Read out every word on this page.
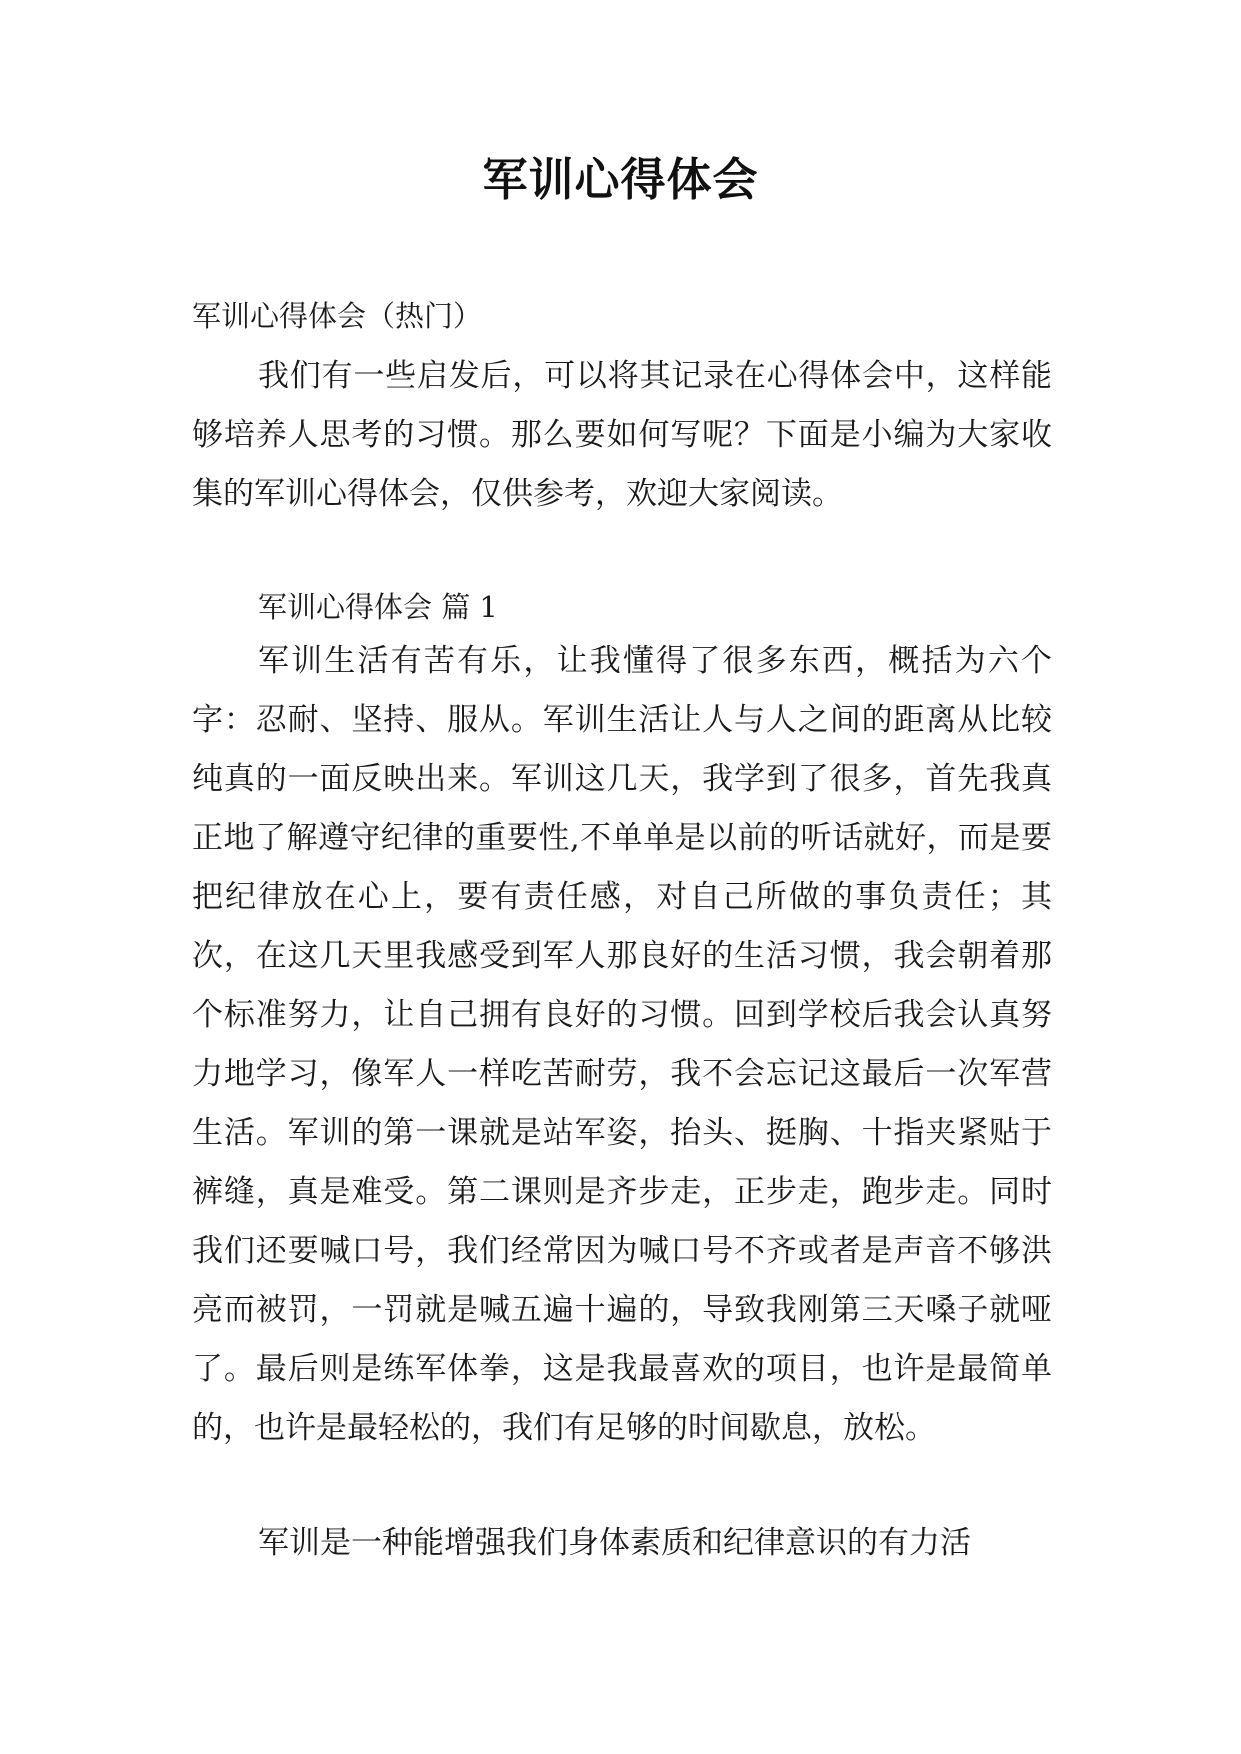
军训心得体会
军训心得体会（热门）

我们有一些启发后，可以将其记录在心得体会中，这样能够培养人思考的习惯。那么要如何写呢？下面是小编为大家收集的军训心得体会，仅供参考，欢迎大家阅读。

军训心得体会 篇 1

军训生活有苦有乐，让我懂得了很多东西，概括为六个字：忍耐、坚持、服从。军训生活让人与人之间的距离从比较纯真的一面反映出来。军训这几天，我学到了很多，首先我真正地了解遵守纪律的重要性,不单单是以前的听话就好，而是要把纪律放在心上，要有责任感，对自己所做的事负责任；其次，在这几天里我感受到军人那良好的生活习惯，我会朝着那个标准努力，让自己拥有良好的习惯。回到学校后我会认真努力地学习，像军人一样吃苦耐劳，我不会忘记这最后一次军营生活。军训的第一课就是站军姿，抬头、挺胸、十指夹紧贴于裤缝，真是难受。第二课则是齐步走，正步走，跑步走。同时我们还要喊口号，我们经常因为喊口号不齐或者是声音不够洪亮而被罚，一罚就是喊五遍十遍的，导致我刚第三天嗓子就哑了。最后则是练军体拳，这是我最喜欢的项目，也许是最简单的，也许是最轻松的，我们有足够的时间歇息，放松。

军训是一种能增强我们身体素质和纪律意识的有力活
